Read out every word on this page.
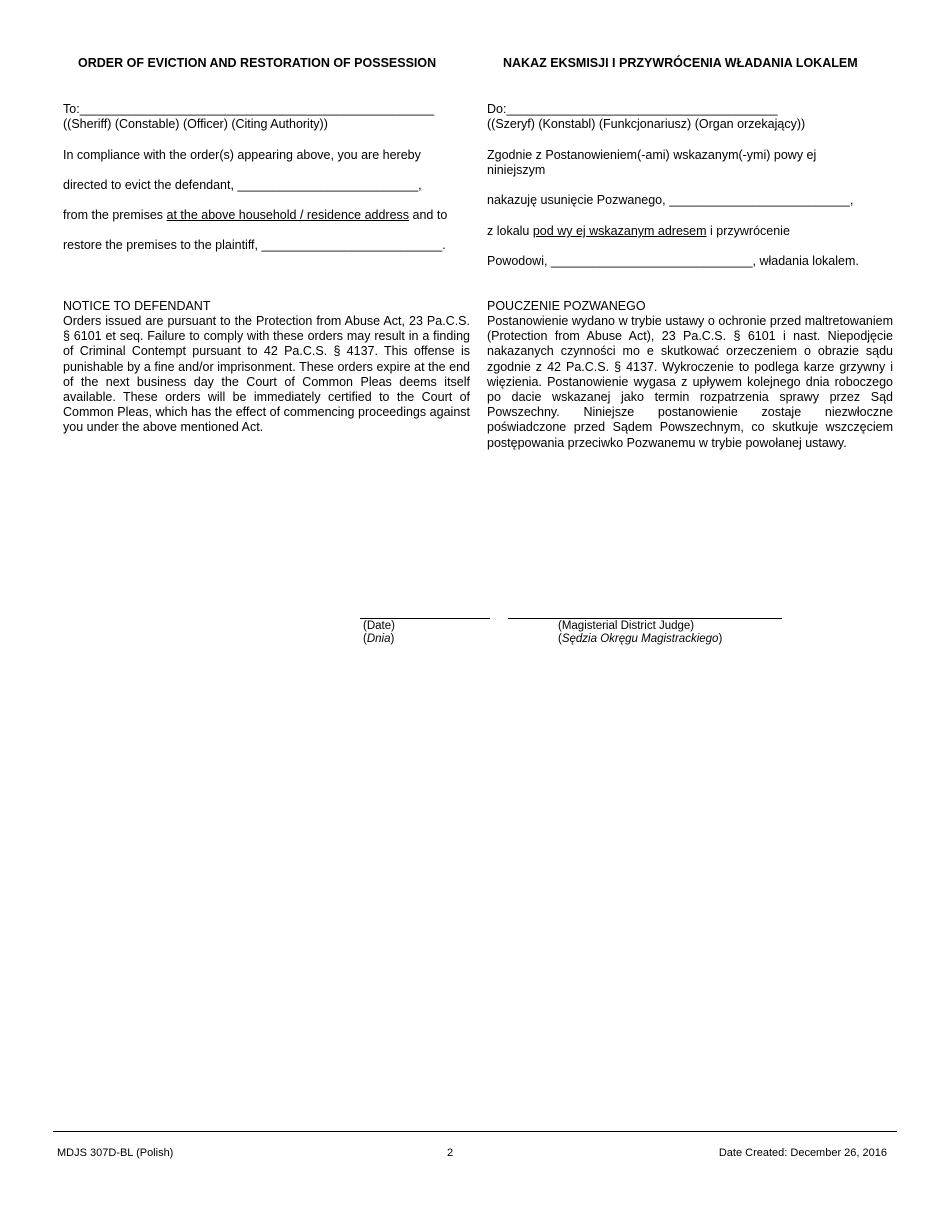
ORDER OF EVICTION AND RESTORATION OF POSSESSION
To:___________________________________________________
((Sheriff) (Constable) (Officer) (Citing Authority))
In compliance with the order(s) appearing above, you are hereby
directed to evict the defendant, __________________________,
from the premises at the above household / residence address and to
restore the premises to the plaintiff, __________________________.
NOTICE TO DEFENDANT
Orders issued are pursuant to the Protection from Abuse Act, 23 Pa.C.S. § 6101 et seq. Failure to comply with these orders may result in a finding of Criminal Contempt pursuant to 42 Pa.C.S. § 4137. This offense is punishable by a fine and/or imprisonment. These orders expire at the end of the next business day the Court of Common Pleas deems itself available. These orders will be immediately certified to the Court of Common Pleas, which has the effect of commencing proceedings against you under the above mentioned Act.
NAKAZ EKSMISJI I PRZYWRÓCENIA WŁADANIA LOKALEM
Do:_______________________________________
((Szeryf) (Konstabl) (Funkcjonariusz) (Organ orzekający))
Zgodnie z Postanowieniem(-ami) wskazanym(-ymi) powy ej
niniejszym
nakazuję usunięcie Pozwanego, __________________________,
z lokalu pod wy ej wskazanym adresem i przywrócenie
Powodowi, _____________________________, władania lokalem.
POUCZENIE POZWANEGO
Postanowienie wydano w trybie ustawy o ochronie przed maltretowaniem (Protection from Abuse Act), 23 Pa.C.S. § 6101 i nast. Niepodjęcie nakazanych czynności mo e skutkować orzeczeniem o obrazie sądu zgodnie z 42 Pa.C.S. § 4137. Wykroczenie to podlega karze grzywny i więzienia. Postanowienie wygasa z upływem kolejnego dnia roboczego po dacie wskazanej jako termin rozpatrzenia sprawy przez Sąd Powszechny. Niniejsze postanowienie zostaje niezwłoczne poświadczone przed Sądem Powszechnym, co skutkuje wszczęciem postępowania przeciwko Pozwanemu w trybie powołanej ustawy.
(Date)
(Dnia)
(Magisterial District Judge)
(Sędzia Okręgu Magistrackiego)
MDJS 307D-BL (Polish)	2	Date Created: December 26, 2016
